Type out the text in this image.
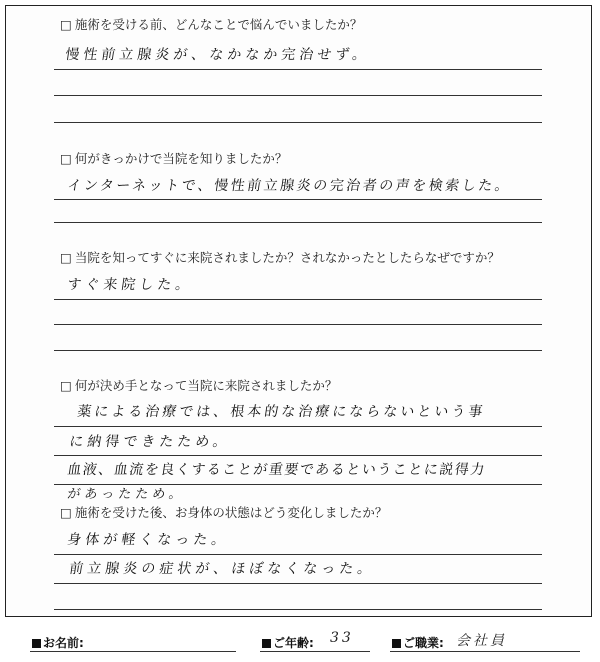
□ 施術を受ける前、どんなことで悩んでいましたか？
慢性前立腺炎が、なかなか完治せず。
□ 何がきっかけで当院を知りましたか？
インターネットで、慢性前立腺炎の完治者の声を検索した。
□ 当院を知ってすぐに来院されましたか？されなかったとしたらなぜですか？
すぐ来院した。
□ 何が決め手となって当院に来院されましたか？
薬による治療では、根本的な治療にならないという事
に納得できたため。
血液、血流を良くすることが重要であるということに説得力
があったため。
□ 施術を受けた後、お身体の状態はどう変化しましたか？
身体が軽くなった。
前立腺炎の症状が、ほぼなくなった。
お名前:	ご年齢: 33	ご職業: 会社員
